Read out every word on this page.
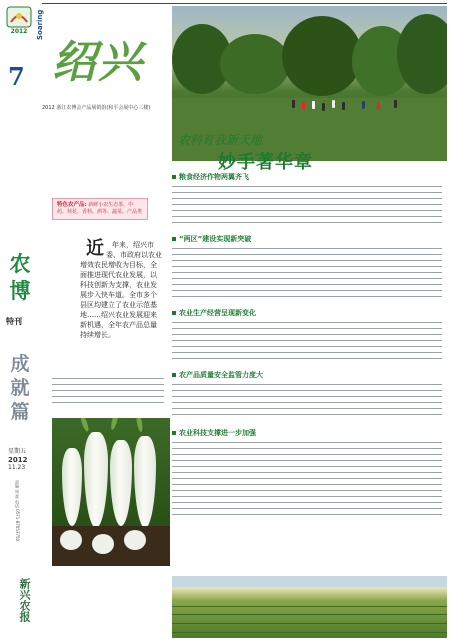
2012
7
农博
特刊
成就篇
星期五
2012
11.23
责编 周 蕾 电话 0571-87053750
新兴农报
Soaring
绍兴
2012 浙江农博会产品展销馆(和平会展中心三楼)
农科育我新天地
妙手著华章
特色农产品: 新鲜小农生态茶、中药、荷花、香料、酒等、蔬菜、产品类
近 年来，绍兴市委、市政府以农业增效农民增收为目标，全面推进现代农业发展，以科技创新为支撑，农业发展步入快车道。全市多个县区均建立了农业示范基地……绍兴农业发展迎来新机遇，全年农产品总量持续增长。
粮食经济作物两翼齐飞
“两区”建设实现新突破
农业生产经营呈现新变化
农产品质量安全监管力度大
农业科技支撑进一步加强
